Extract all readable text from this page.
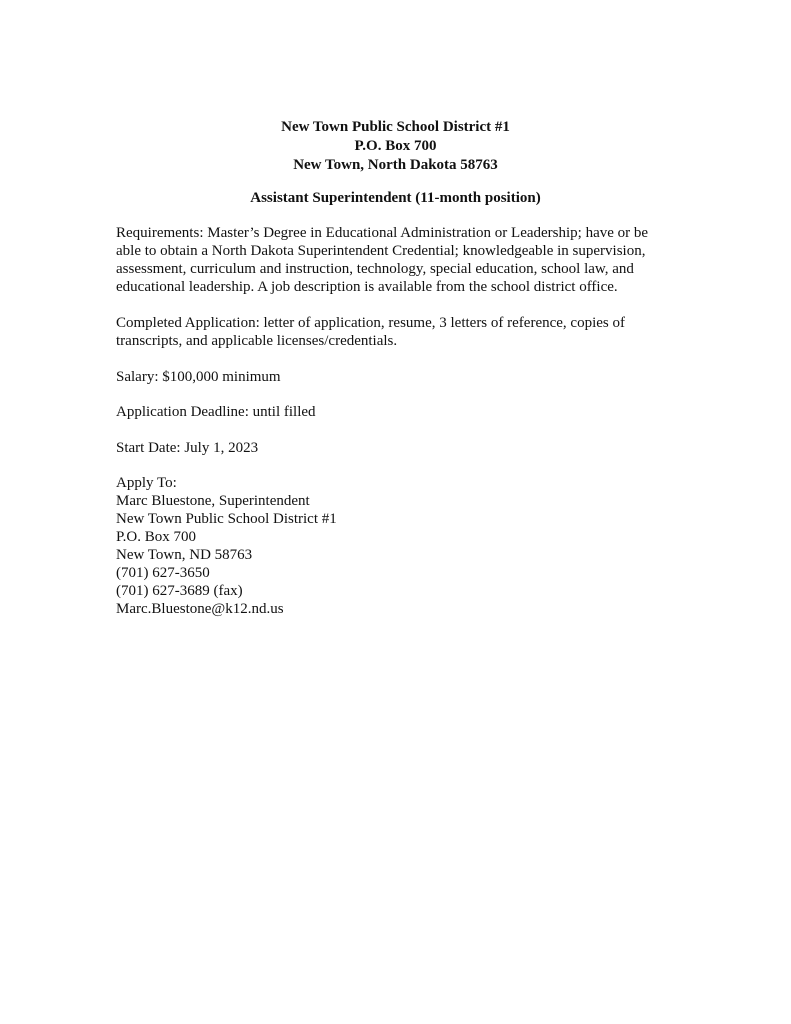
New Town Public School District #1
P.O. Box 700
New Town, North Dakota 58763
Assistant Superintendent (11-month position)
Requirements: Master’s Degree in Educational Administration or Leadership; have or be
able to obtain a North Dakota Superintendent Credential; knowledgeable in supervision,
assessment, curriculum and instruction, technology, special education, school law, and
educational leadership. A job description is available from the school district office.
Completed Application: letter of application, resume, 3 letters of reference, copies of
transcripts, and applicable licenses/credentials.
Salary: $100,000 minimum
Application Deadline: until filled
Start Date: July 1, 2023
Apply To:
Marc Bluestone, Superintendent
New Town Public School District #1
P.O. Box 700
New Town, ND 58763
(701) 627-3650
(701) 627-3689 (fax)
Marc.Bluestone@k12.nd.us
